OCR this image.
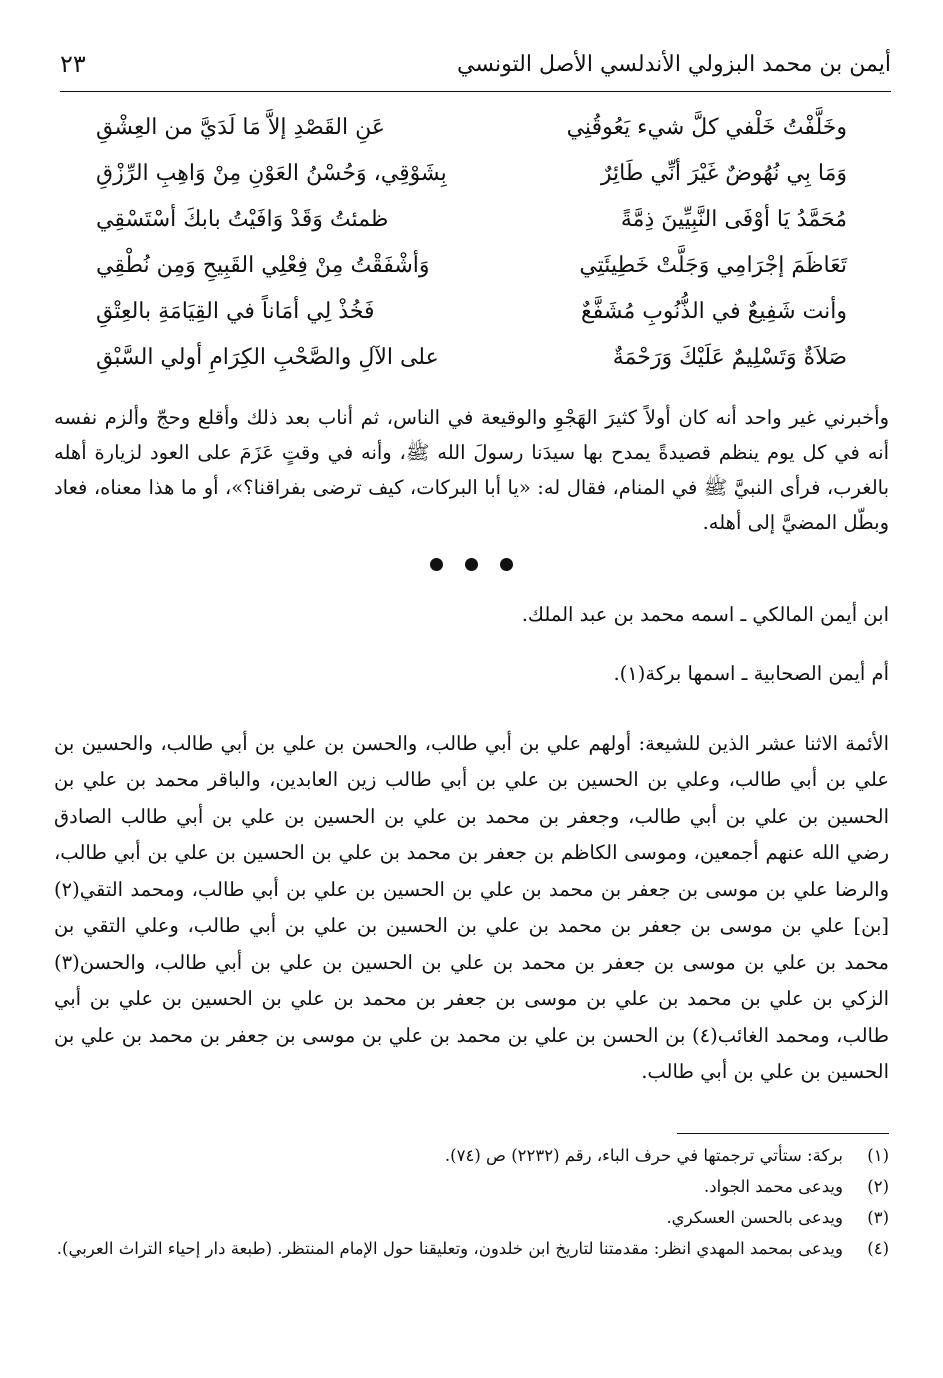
أيمن بن محمد البزولي الأندلسي الأصل التونسي
٢٣
وخَلَّفْتُ خَلْفي كلَّ شيء يَعُوقُنِي
عَنِ القَصْدِ إلاَّ مَا لَدَيَّ من العِشْقِ
وَمَا بِي نُهُوضٌ غَيْرَ أنِّي طَائِرٌ
بِشَوْقِي، وَحُسْنُ العَوْنِ مِنْ وَاهِبِ الرِّزْقِ
مُحَمَّدُ يَا أوْفَى النَّبِيِّينَ ذِمَّةً
ظمئتُ وَقَدْ وَافَيْتُ بابكَ أسْتَسْقِي
تَعَاظَمَ إجْرَامِي وَجَلَّتْ خَطِيئَتِي
وَأشْفَقْتُ مِنْ فِعْلِي القَبِيحِ وَمِن نُطْقِي
وأنت شَفِيعٌ في الذُّنُوبِ مُشَفَّعٌ
فَخُذْ لِي أمَاناً في القِيَامَةِ بالعِتْقِ
صَلاَةٌ وَتَسْلِيمٌ عَلَيْكَ وَرَحْمَةٌ
على الآلِ والصَّحْبِ الكِرَامِ أولي السَّبْقِ

وأخبرني غير واحد أنه كان أولاً كثيرَ الهَجْوِ والوقيعة في الناس، ثم أناب بعد ذلك وأقلع وحجّ وألزم نفسه أنه في كل يوم ينظم قصيدةً يمدح بها سيدَنا رسولَ الله ﷺ، وأنه في وقتٍ عَزَمَ على العود لزيارة أهله بالغرب، فرأى النبيَّ ﷺ في المنام، فقال له: «يا أبا البركات، كيف ترضى بفراقنا؟»، أو ما هذا معناه، فعاد وبطّل المضيَّ إلى أهله.

ابن أيمن المالكي ـ اسمه محمد بن عبد الملك.
أم أيمن الصحابية ـ اسمها بركة(١).

الأئمة الاثنا عشر الذين للشيعة: أولهم علي بن أبي طالب، والحسن بن علي بن أبي طالب، والحسين بن علي بن أبي طالب، وعلي بن الحسين بن علي بن أبي طالب زين العابدين، والباقر محمد بن علي بن الحسين بن علي بن أبي طالب، وجعفر بن محمد بن علي بن الحسين بن علي بن أبي طالب الصادق رضي الله عنهم أجمعين، وموسى الكاظم بن جعفر بن محمد بن علي بن الحسين بن علي بن أبي طالب، والرضا علي بن موسى بن جعفر بن محمد بن علي بن الحسين بن علي بن أبي طالب، ومحمد التقي(٢) [بن] علي بن موسى بن جعفر بن محمد بن علي بن الحسين بن علي بن أبي طالب، وعلي التقي بن محمد بن علي بن موسى بن جعفر بن محمد بن علي بن الحسين بن علي بن أبي طالب، والحسن(٣) الزكي بن علي بن محمد بن علي بن موسى بن جعفر بن محمد بن علي بن الحسين بن علي بن أبي طالب، ومحمد الغائب(٤) بن الحسن بن علي بن محمد بن علي بن موسى بن جعفر بن محمد بن علي بن الحسين بن علي بن أبي طالب.

(١)
بركة: ستأتي ترجمتها في حرف الباء، رقم (٢٢٣٢) ص (٧٤).
(٢)
ويدعى محمد الجواد.
(٣)
ويدعى بالحسن العسكري.
(٤)
ويدعى بمحمد المهدي انظر: مقدمتنا لتاريخ ابن خلدون، وتعليقنا حول الإمام المنتظر. (طبعة دار إحياء التراث العربي).
